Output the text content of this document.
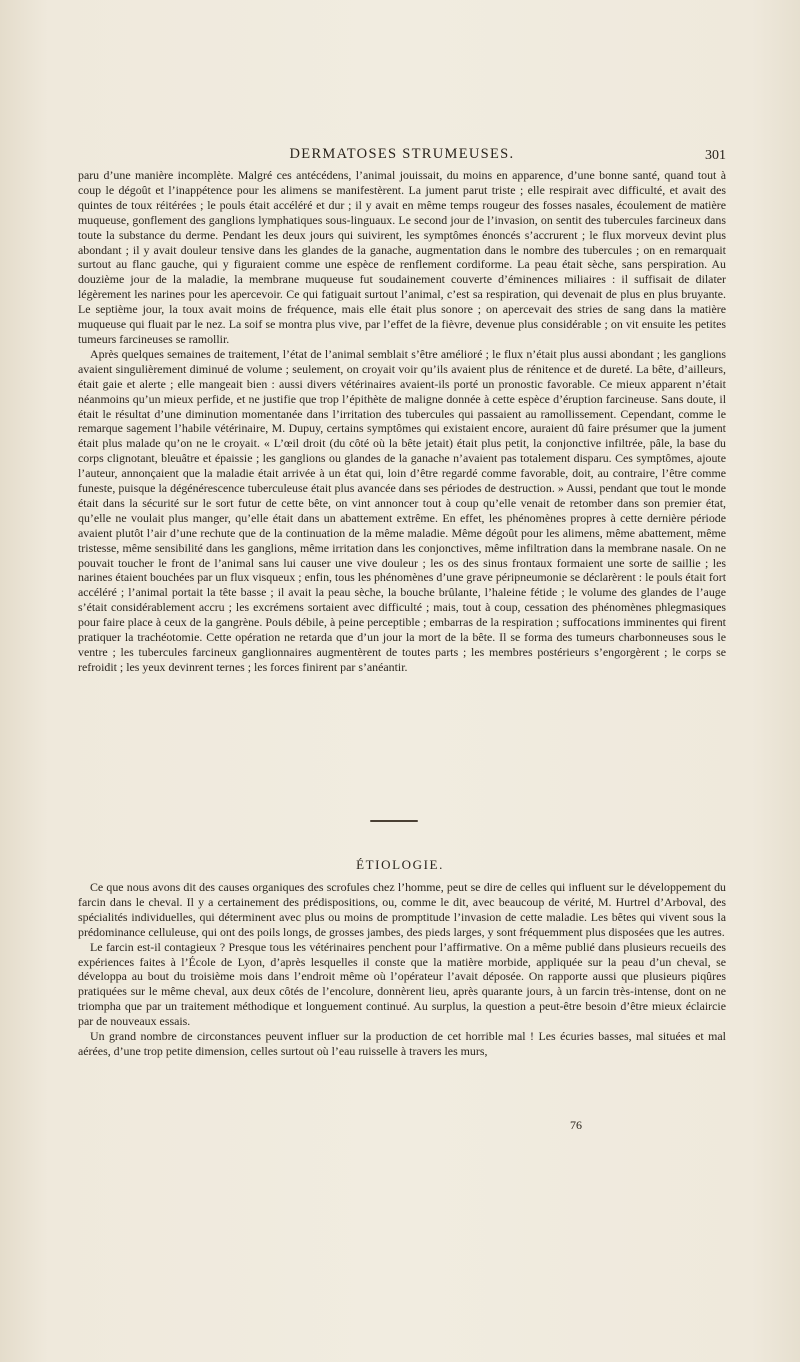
DERMATOSES STRUMEUSES.	301

paru d’une manière incomplète. Malgré ces antécédens, l’animal jouissait, du moins en apparence, d’une bonne santé, quand tout à coup le dégoût et l’inappétence pour les alimens se manifestèrent. La jument parut triste ; elle respirait avec difficulté, et avait des quintes de toux réitérées ; le pouls était accéléré et dur ; il y avait en même temps rougeur des fosses nasales, écoulement de matière muqueuse, gonflement des ganglions lymphatiques sous-linguaux. Le second jour de l’invasion, on sentit des tubercules farcineux dans toute la substance du derme. Pendant les deux jours qui suivirent, les symptômes énoncés s’accrurent ; le flux morveux devint plus abondant ; il y avait douleur tensive dans les glandes de la ganache, augmentation dans le nombre des tubercules ; on en remarquait surtout au flanc gauche, qui y figuraient comme une espèce de renflement cordiforme. La peau était sèche, sans perspiration. Au douzième jour de la maladie, la membrane muqueuse fut soudainement couverte d’éminences miliaires : il suffisait de dilater légèrement les narines pour les apercevoir. Ce qui fatiguait surtout l’animal, c’est sa respiration, qui devenait de plus en plus bruyante. Le septième jour, la toux avait moins de fréquence, mais elle était plus sonore ; on apercevait des stries de sang dans la matière muqueuse qui fluait par le nez. La soif se montra plus vive, par l’effet de la fièvre, devenue plus considérable ; on vit ensuite les petites tumeurs farcineuses se ramollir.

Après quelques semaines de traitement, l’état de l’animal semblait s’être amélioré ; le flux n’était plus aussi abondant ; les ganglions avaient singulièrement diminué de volume ; seulement, on croyait voir qu’ils avaient plus de rénitence et de dureté. La bête, d’ailleurs, était gaie et alerte ; elle mangeait bien : aussi divers vétérinaires avaient-ils porté un pronostic favorable. Ce mieux apparent n’était néanmoins qu’un mieux perfide, et ne justifie que trop l’épithète de maligne donnée à cette espèce d’éruption farcineuse. Sans doute, il était le résultat d’une diminution momentanée dans l’irritation des tubercules qui passaient au ramollissement. Cependant, comme le remarque sagement l’habile vétérinaire, M. Dupuy, certains symptômes qui existaient encore, auraient dû faire présumer que la jument était plus malade qu’on ne le croyait. « L’œil droit (du côté où la bête jetait) était plus petit, la conjonctive infiltrée, pâle, la base du corps clignotant, bleuâtre et épaissie ; les ganglions ou glandes de la ganache n’avaient pas totalement disparu. Ces symptômes, ajoute l’auteur, annonçaient que la maladie était arrivée à un état qui, loin d’être regardé comme favorable, doit, au contraire, l’être comme funeste, puisque la dégénérescence tuberculeuse était plus avancée dans ses périodes de destruction. » Aussi, pendant que tout le monde était dans la sécurité sur le sort futur de cette bête, on vint annoncer tout à coup qu’elle venait de retomber dans son premier état, qu’elle ne voulait plus manger, qu’elle était dans un abattement extrême. En effet, les phénomènes propres à cette dernière période avaient plutôt l’air d’une rechute que de la continuation de la même maladie. Même dégoût pour les alimens, même abattement, même tristesse, même sensibilité dans les ganglions, même irritation dans les conjonctives, même infiltration dans la membrane nasale. On ne pouvait toucher le front de l’animal sans lui causer une vive douleur ; les os des sinus frontaux formaient une sorte de saillie ; les narines étaient bouchées par un flux visqueux ; enfin, tous les phénomènes d’une grave péripneumonie se déclarèrent : le pouls était fort accéléré ; l’animal portait la tête basse ; il avait la peau sèche, la bouche brûlante, l’haleine fétide ; le volume des glandes de l’auge s’était considérablement accru ; les excrémens sortaient avec difficulté ; mais, tout à coup, cessation des phénomènes phlegmasiques pour faire place à ceux de la gangrène. Pouls débile, à peine perceptible ; embarras de la respiration ; suffocations imminentes qui firent pratiquer la trachéotomie. Cette opération ne retarda que d’un jour la mort de la bête. Il se forma des tumeurs charbonneuses sous le ventre ; les tubercules farcineux ganglionnaires augmentèrent de toutes parts ; les membres postérieurs s’engorgèrent ; le corps se refroidit ; les yeux devinrent ternes ; les forces finirent par s’anéantir.

ÉTIOLOGIE.

Ce que nous avons dit des causes organiques des scrofules chez l’homme, peut se dire de celles qui influent sur le développement du farcin dans le cheval. Il y a certainement des prédispositions, ou, comme le dit, avec beaucoup de vérité, M. Hurtrel d’Arboval, des spécialités individuelles, qui déterminent avec plus ou moins de promptitude l’invasion de cette maladie. Les bêtes qui vivent sous la prédominance celluleuse, qui ont des poils longs, de grosses jambes, des pieds larges, y sont fréquemment plus disposées que les autres.

Le farcin est-il contagieux ? Presque tous les vétérinaires penchent pour l’affirmative. On a même publié dans plusieurs recueils des expériences faites à l’École de Lyon, d’après lesquelles il conste que la matière morbide, appliquée sur la peau d’un cheval, se développa au bout du troisième mois dans l’endroit même où l’opérateur l’avait déposée. On rapporte aussi que plusieurs piqûres pratiquées sur le même cheval, aux deux côtés de l’encolure, donnèrent lieu, après quarante jours, à un farcin très-intense, dont on ne triompha que par un traitement méthodique et longuement continué. Au surplus, la question a peut-être besoin d’être mieux éclaircie par de nouveaux essais.

Un grand nombre de circonstances peuvent influer sur la production de cet horrible mal ! Les écuries basses, mal situées et mal aérées, d’une trop petite dimension, celles surtout où l’eau ruisselle à travers les murs,

76
